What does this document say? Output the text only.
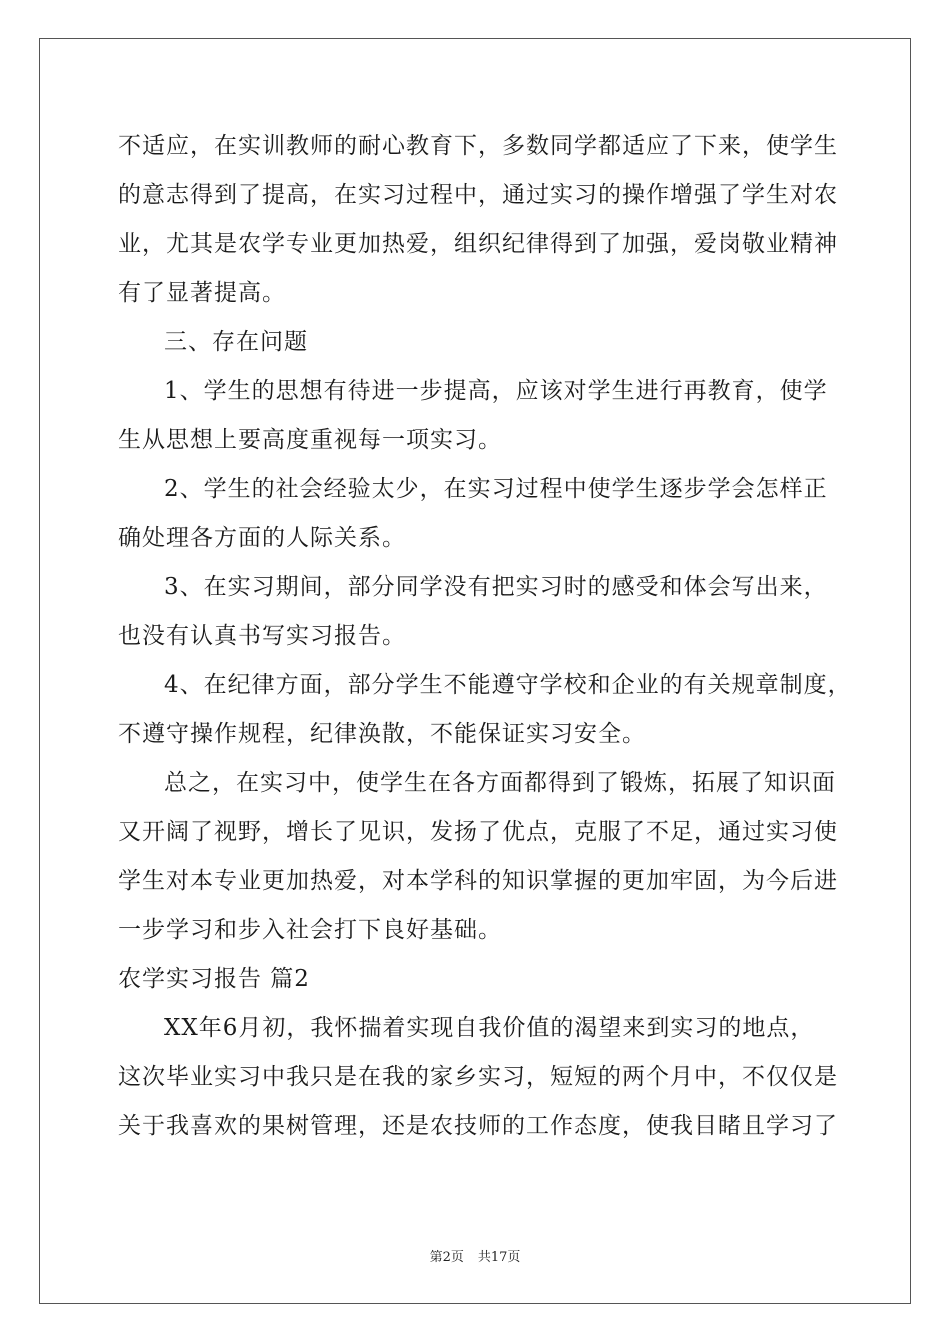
不适应，在实训教师的耐心教育下，多数同学都适应了下来，使学生
的意志得到了提高，在实习过程中，通过实习的操作增强了学生对农
业，尤其是农学专业更加热爱，组织纪律得到了加强，爱岗敬业精神
有了显著提高。
三、存在问题
1、学生的思想有待进一步提高，应该对学生进行再教育，使学
生从思想上要高度重视每一项实习。
2、学生的社会经验太少，在实习过程中使学生逐步学会怎样正
确处理各方面的人际关系。
3、在实习期间，部分同学没有把实习时的感受和体会写出来，
也没有认真书写实习报告。
4、在纪律方面，部分学生不能遵守学校和企业的有关规章制度，
不遵守操作规程，纪律涣散，不能保证实习安全。
总之，在实习中，使学生在各方面都得到了锻炼，拓展了知识面
又开阔了视野，增长了见识，发扬了优点，克服了不足，通过实习使
学生对本专业更加热爱，对本学科的知识掌握的更加牢固，为今后进
一步学习和步入社会打下良好基础。
农学实习报告 篇2
XX年6月初，我怀揣着实现自我价值的渴望来到实习的地点，
这次毕业实习中我只是在我的家乡实习，短短的两个月中，不仅仅是
关于我喜欢的果树管理，还是农技师的工作态度，使我目睹且学习了
第2页 共17页
